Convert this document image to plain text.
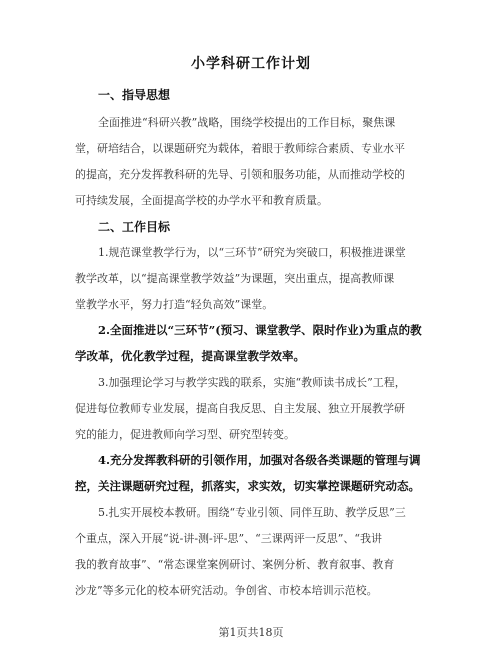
小学科研工作计划
一、指导思想
全面推进“科研兴教”战略，围绕学校提出的工作目标，聚焦课
堂，研培结合，以课题研究为载体，着眼于教师综合素质、专业水平
的提高，充分发挥教科研的先导、引领和服务功能，从而推动学校的
可持续发展，全面提高学校的办学水平和教育质量。
二、工作目标
1.规范课堂教学行为，以“三环节”研究为突破口，积极推进课堂
教学改革，以“提高课堂教学效益”为课题，突出重点，提高教师课
堂教学水平，努力打造“轻负高效”课堂。
2.全面推进以“三环节”(预习、课堂教学、限时作业)为重点的教
学改革，优化教学过程，提高课堂教学效率。
3.加强理论学习与教学实践的联系，实施“教师读书成长”工程，
促进每位教师专业发展，提高自我反思、自主发展、独立开展教学研
究的能力，促进教师向学习型、研究型转变。
4.充分发挥教科研的引领作用，加强对各级各类课题的管理与调
控，关注课题研究过程，抓落实，求实效，切实掌控课题研究动态。
5.扎实开展校本教研。围绕“专业引领、同伴互助、教学反思”三
个重点，深入开展“说-讲-测-评-思”、“三课两评一反思”、“我讲
我的教育故事”、“常态课堂案例研讨、案例分析、教育叙事、教育
沙龙”等多元化的校本研究活动。争创省、市校本培训示范校。
第1页共18页
